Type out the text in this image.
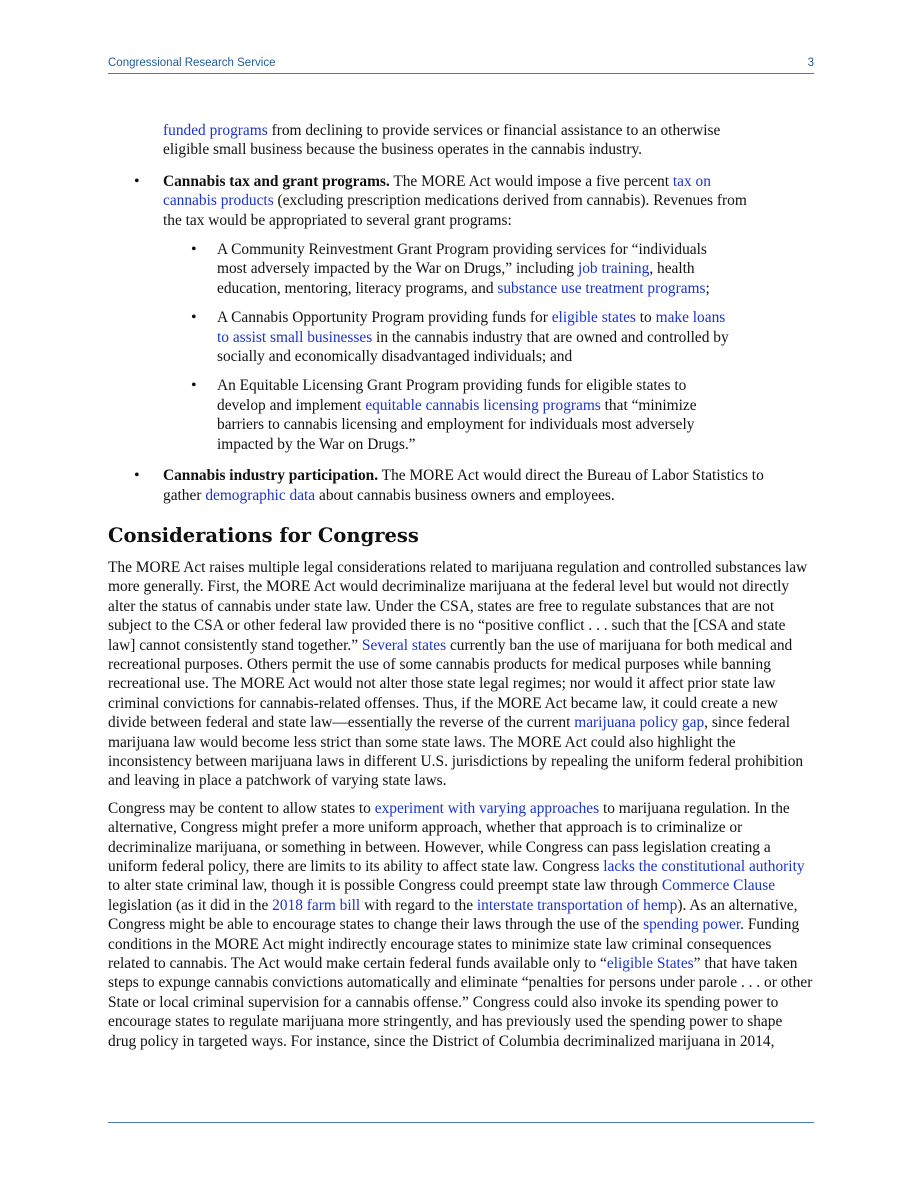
Congressional Research Service	3
funded programs from declining to provide services or financial assistance to an otherwise eligible small business because the business operates in the cannabis industry.
• Cannabis tax and grant programs. The MORE Act would impose a five percent tax on cannabis products (excluding prescription medications derived from cannabis). Revenues from the tax would be appropriated to several grant programs:
• A Community Reinvestment Grant Program providing services for “individuals most adversely impacted by the War on Drugs,” including job training, health education, mentoring, literacy programs, and substance use treatment programs;
• A Cannabis Opportunity Program providing funds for eligible states to make loans to assist small businesses in the cannabis industry that are owned and controlled by socially and economically disadvantaged individuals; and
• An Equitable Licensing Grant Program providing funds for eligible states to develop and implement equitable cannabis licensing programs that “minimize barriers to cannabis licensing and employment for individuals most adversely impacted by the War on Drugs.”
• Cannabis industry participation. The MORE Act would direct the Bureau of Labor Statistics to gather demographic data about cannabis business owners and employees.
Considerations for Congress

The MORE Act raises multiple legal considerations related to marijuana regulation and controlled substances law more generally. First, the MORE Act would decriminalize marijuana at the federal level but would not directly alter the status of cannabis under state law. Under the CSA, states are free to regulate substances that are not subject to the CSA or other federal law provided there is no “positive conflict . . . such that the [CSA and state law] cannot consistently stand together.” Several states currently ban the use of marijuana for both medical and recreational purposes. Others permit the use of some cannabis products for medical purposes while banning recreational use. The MORE Act would not alter those state legal regimes; nor would it affect prior state law criminal convictions for cannabis-related offenses. Thus, if the MORE Act became law, it could create a new divide between federal and state law—essentially the reverse of the current marijuana policy gap, since federal marijuana law would become less strict than some state laws. The MORE Act could also highlight the inconsistency between marijuana laws in different U.S. jurisdictions by repealing the uniform federal prohibition and leaving in place a patchwork of varying state laws.

Congress may be content to allow states to experiment with varying approaches to marijuana regulation. In the alternative, Congress might prefer a more uniform approach, whether that approach is to criminalize or decriminalize marijuana, or something in between. However, while Congress can pass legislation creating a uniform federal policy, there are limits to its ability to affect state law. Congress lacks the constitutional authority to alter state criminal law, though it is possible Congress could preempt state law through Commerce Clause legislation (as it did in the 2018 farm bill with regard to the interstate transportation of hemp). As an alternative, Congress might be able to encourage states to change their laws through the use of the spending power. Funding conditions in the MORE Act might indirectly encourage states to minimize state law criminal consequences related to cannabis. The Act would make certain federal funds available only to “eligible States” that have taken steps to expunge cannabis convictions automatically and eliminate “penalties for persons under parole . . . or other State or local criminal supervision for a cannabis offense.” Congress could also invoke its spending power to encourage states to regulate marijuana more stringently, and has previously used the spending power to shape drug policy in targeted ways. For instance, since the District of Columbia decriminalized marijuana in 2014,
